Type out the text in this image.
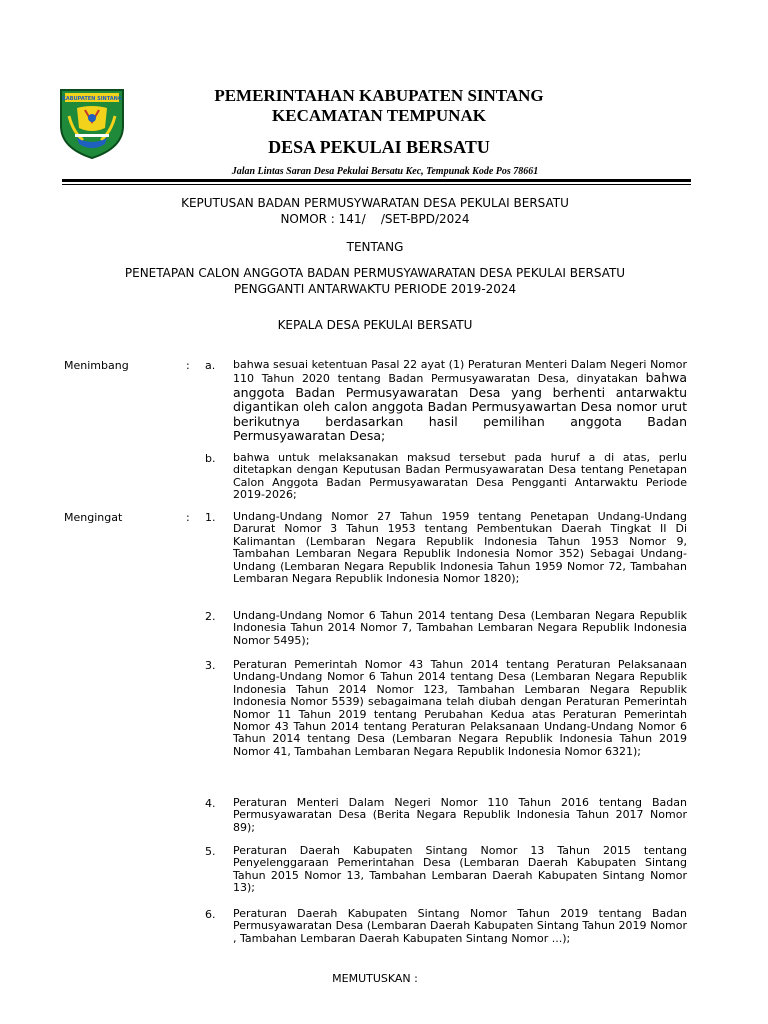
KABUPATEN SINTANG	PEMERINTAHAN KABUPATEN SINTANG
KECAMATAN TEMPUNAK
DESA PEKULAI BERSATU
Jalan Lintas Saran Desa Pekulai Bersatu Kec, Tempunak Kode Pos 78661
KEPUTUSAN BADAN PERMUSYWARATAN DESA PEKULAI BERSATU
NOMOR : 141/    /SET-BPD/2024
TENTANG
PENETAPAN CALON ANGGOTA BADAN PERMUSYAWARATAN DESA PEKULAI BERSATU
PENGGANTI ANTARWAKTU PERIODE 2019-2024
KEPALA DESA PEKULAI BERSATU
Menimbang	: a. bahwa sesuai ketentuan Pasal 22 ayat (1) Peraturan Menteri Dalam Negeri Nomor 110 Tahun 2020 tentang Badan Permusyawaratan Desa, dinyatakan bahwa anggota Badan Permusyawaratan Desa yang berhenti antarwaktu digantikan oleh calon anggota Badan Permusyawartan Desa nomor urut berikutnya berdasarkan hasil pemilihan anggota Badan Permusyawaratan Desa;
b. bahwa untuk melaksanakan maksud tersebut pada huruf a di atas, perlu ditetapkan dengan Keputusan Badan Permusyawaratan Desa tentang Penetapan Calon Anggota Badan Permusyawaratan Desa Pengganti Antarwaktu Periode 2019-2026;
Mengingat	: 1. Undang-Undang Nomor 27 Tahun 1959 tentang Penetapan Undang-Undang Darurat Nomor 3 Tahun 1953 tentang Pembentukan Daerah Tingkat II Di Kalimantan (Lembaran Negara Republik Indonesia Tahun 1953 Nomor 9, Tambahan Lembaran Negara Republik Indonesia Nomor 352) Sebagai Undang-Undang (Lembaran Negara Republik Indonesia Tahun 1959 Nomor 72, Tambahan Lembaran Negara Republik Indonesia Nomor 1820);
2. Undang-Undang Nomor 6 Tahun 2014 tentang Desa (Lembaran Negara Republik Indonesia Tahun 2014 Nomor 7, Tambahan Lembaran Negara Republik Indonesia Nomor 5495);
3. Peraturan Pemerintah Nomor 43 Tahun 2014 tentang Peraturan Pelaksanaan Undang-Undang Nomor 6 Tahun 2014 tentang Desa (Lembaran Negara Republik Indonesia Tahun 2014 Nomor 123, Tambahan Lembaran Negara Republik Indonesia Nomor 5539) sebagaimana telah diubah dengan Peraturan Pemerintah Nomor 11 Tahun 2019 tentang Perubahan Kedua atas Peraturan Pemerintah Nomor 43 Tahun 2014 tentang Peraturan Pelaksanaan Undang-Undang Nomor 6 Tahun 2014 tentang Desa (Lembaran Negara Republik Indonesia Tahun 2019 Nomor 41, Tambahan Lembaran Negara Republik Indonesia Nomor 6321);
4. Peraturan Menteri Dalam Negeri Nomor 110 Tahun 2016 tentang Badan Permusyawaratan Desa (Berita Negara Republik Indonesia Tahun 2017 Nomor 89);
5. Peraturan Daerah Kabupaten Sintang Nomor 13 Tahun 2015 tentang Penyelenggaraan Pemerintahan Desa (Lembaran Daerah Kabupaten Sintang Tahun 2015 Nomor 13, Tambahan Lembaran Daerah Kabupaten Sintang Nomor 13);
6. Peraturan Daerah Kabupaten Sintang Nomor Tahun 2019 tentang Badan Permusyawaratan Desa (Lembaran Daerah Kabupaten Sintang Tahun 2019 Nomor , Tambahan Lembaran Daerah Kabupaten Sintang Nomor ...);
MEMUTUSKAN :
